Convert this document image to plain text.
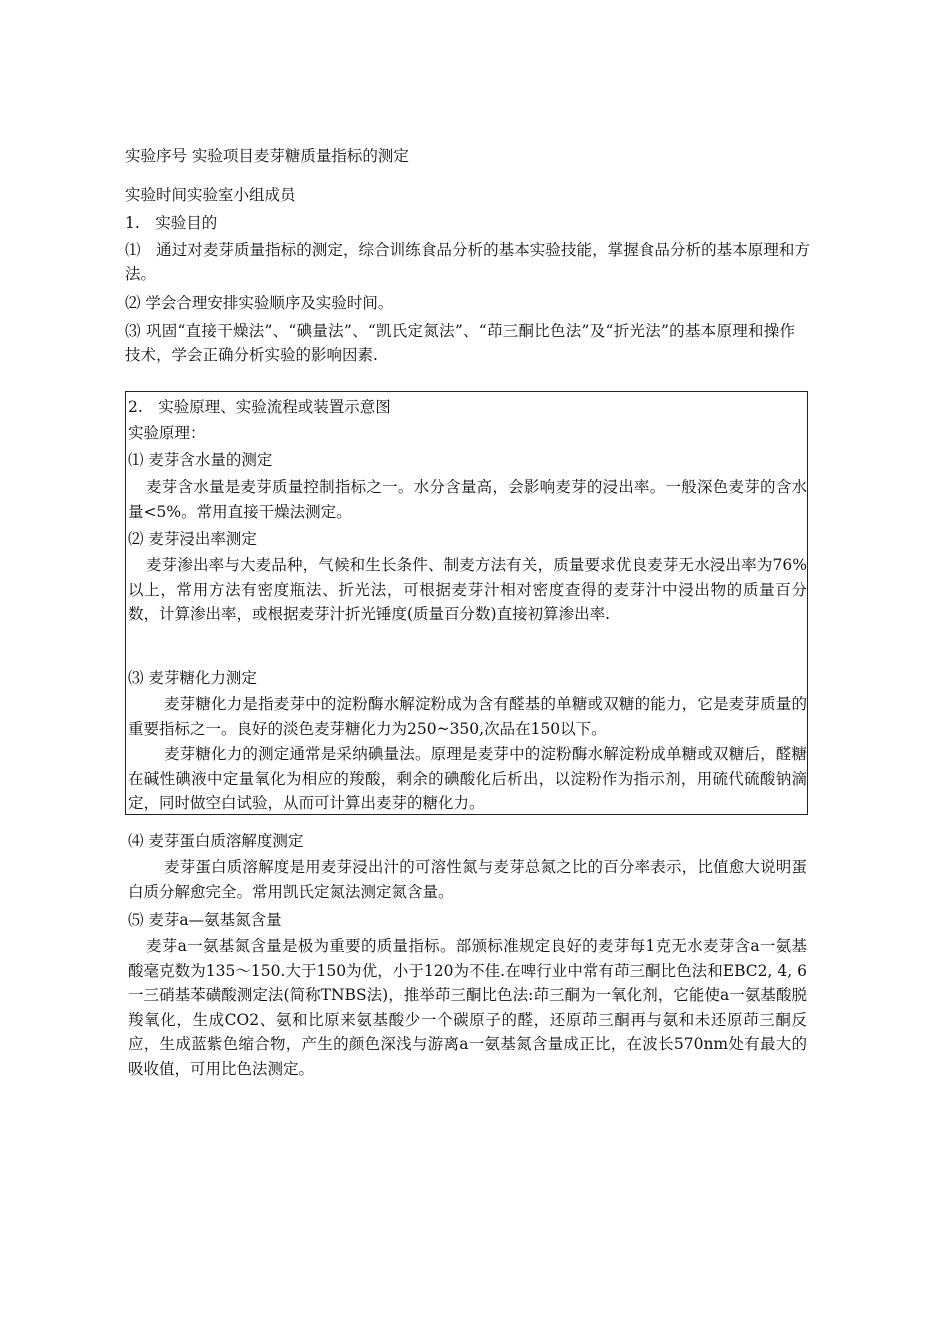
实验序号 实验项目麦芽糖质量指标的测定
实验时间实验室小组成员
1.　实验目的
⑴　通过对麦芽质量指标的测定，综合训练食品分析的基本实验技能，掌握食品分析的基本原理和方法。
⑵ 学会合理安排实验顺序及实验时间。
⑶ 巩固“直接干燥法”、“碘量法”、“凯氏定氮法”、“茚三酮比色法”及“折光法”的基本原理和操作技术，学会正确分析实验的影响因素.
2.　实验原理、实验流程或装置示意图
实验原理：
⑴ 麦芽含水量的测定
麦芽含水量是麦芽质量控制指标之一。水分含量高，会影响麦芽的浸出率。一般深色麦芽的含水量<5%。常用直接干燥法测定。
⑵ 麦芽浸出率测定
麦芽渗出率与大麦品种，气候和生长条件、制麦方法有关，质量要求优良麦芽无水浸出率为76%以上，常用方法有密度瓶法、折光法，可根据麦芽汁相对密度查得的麦芽汁中浸出物的质量百分数，计算渗出率，或根据麦芽汁折光锤度(质量百分数)直接初算渗出率.
⑶ 麦芽糖化力测定
麦芽糖化力是指麦芽中的淀粉酶水解淀粉成为含有醛基的单糖或双糖的能力，它是麦芽质量的重要指标之一。良好的淡色麦芽糖化力为250~350,次品在150以下。
麦芽糖化力的测定通常是采纳碘量法。原理是麦芽中的淀粉酶水解淀粉成单糖或双糖后，醛糖在碱性碘液中定量氧化为相应的羧酸，剩余的碘酸化后析出，以淀粉作为指示剂，用硫代硫酸钠滴定，同时做空白试验，从而可计算出麦芽的糖化力。
⑷ 麦芽蛋白质溶解度测定
麦芽蛋白质溶解度是用麦芽浸出汁的可溶性氮与麦芽总氮之比的百分率表示，比值愈大说明蛋白质分解愈完全。常用凯氏定氮法测定氮含量。
⑸ 麦芽a—氨基氮含量
麦芽a一氨基氮含量是极为重要的质量指标。部颁标准规定良好的麦芽每1克无水麦芽含a一氨基酸毫克数为135〜150.大于150为优，小于120为不佳.在啤行业中常有茚三酮比色法和EBC2, 4, 6 一三硝基苯磺酸测定法(简称TNBS法)，推举茚三酮比色法:茚三酮为一氧化剂，它能使a一氨基酸脱羧氧化，生成CO2、氨和比原来氨基酸少一个碳原子的醛，还原茚三酮再与氨和未还原茚三酮反应，生成蓝紫色缩合物，产生的颜色深浅与游离a一氨基氮含量成正比，在波长570nm处有最大的吸收值，可用比色法测定。
